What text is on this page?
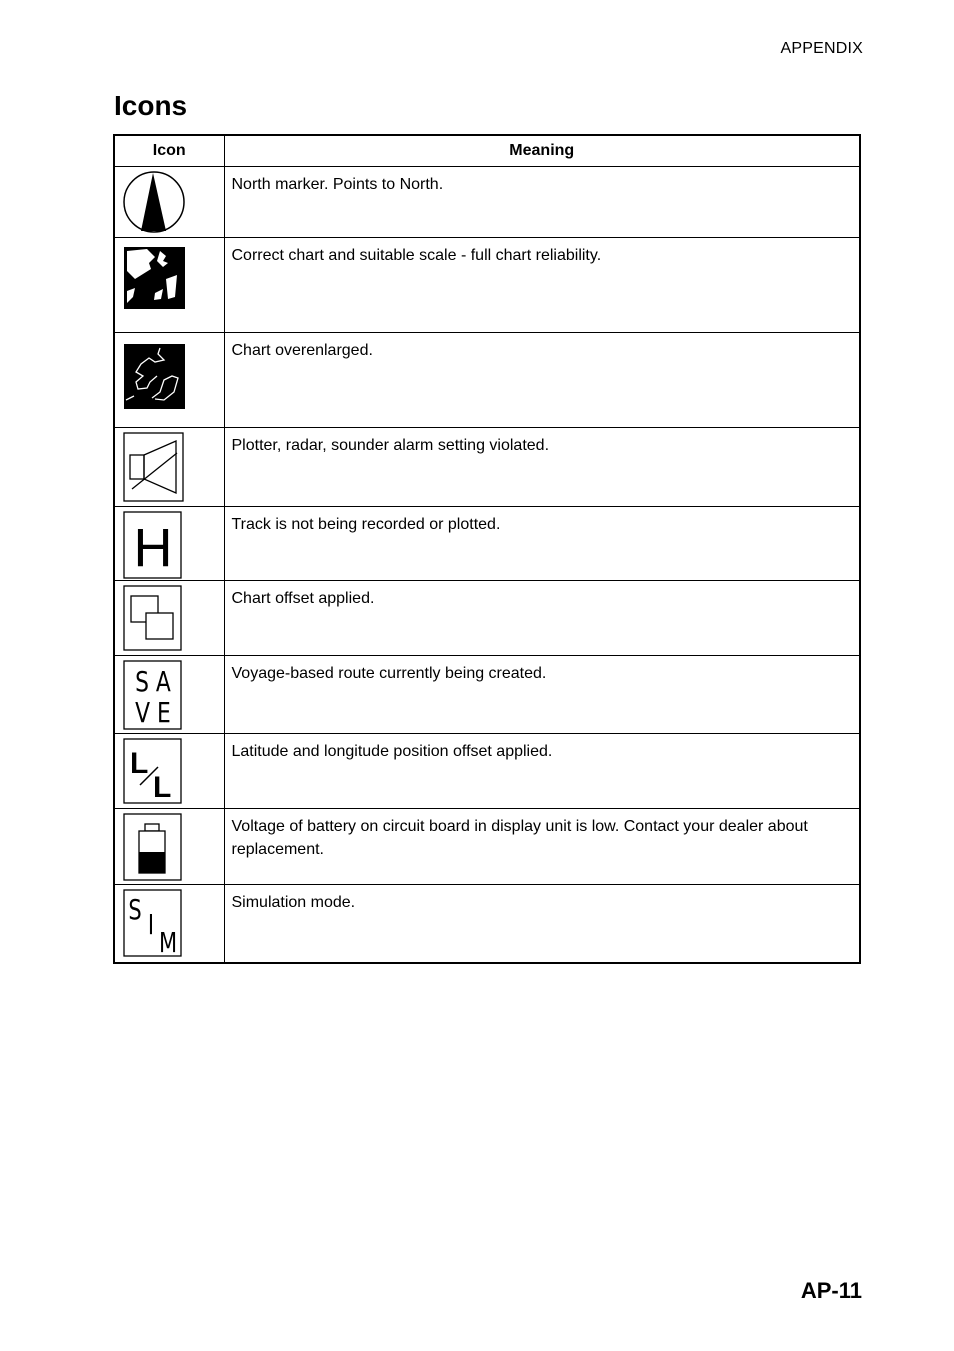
APPENDIX
Icons
Icon	Meaning

	North marker. Points to North.

	Correct chart and suitable scale - full chart reliability.

	Chart overenlarged.

	Plotter, radar, sounder alarm setting violated.

H	Track is not being recorded or plotted.

	Chart offset applied.

S A
V E	Voyage-based route currently being created.

L
L	Latitude and longitude position offset applied.

	Voltage of battery on circuit board in display unit is low. Contact your dealer about replacement.

S I
M	Simulation mode.
AP-11
